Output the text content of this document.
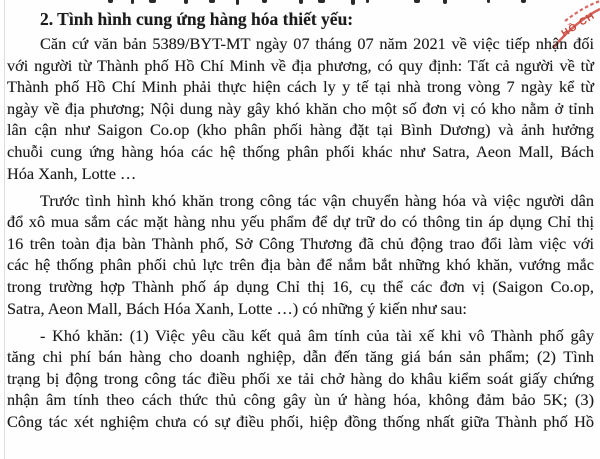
HỒ CH
2. Tình hình cung ứng hàng hóa thiết yếu:
Căn cứ văn bản 5389/BYT-MT ngày 07 tháng 07 năm 2021 về việc tiếp nhận đối
với người từ Thành phố Hồ Chí Minh về địa phương, có quy định: Tất cả người về từ
Thành phố Hồ Chí Minh phải thực hiện cách ly y tế tại nhà trong vòng 7 ngày kể từ
ngày về địa phương; Nội dung này gây khó khăn cho một số đơn vị có kho nằm ở tỉnh
lân cận như Saigon Co.op (kho phân phối hàng đặt tại Bình Dương) và ảnh hưởng
chuỗi cung ứng hàng hóa các hệ thống phân phối khác như Satra, Aeon Mall, Bách
Hóa Xanh, Lotte …
Trước tình hình khó khăn trong công tác vận chuyển hàng hóa và việc người dân
đổ xô mua sắm các mặt hàng nhu yếu phẩm để dự trữ do có thông tin áp dụng Chỉ thị
16 trên toàn địa bàn Thành phố, Sở Công Thương đã chủ động trao đổi làm việc với
các hệ thống phân phối chủ lực trên địa bàn để nắm bắt những khó khăn, vướng mắc
trong trường hợp Thành phố áp dụng Chỉ thị 16, cụ thể các đơn vị (Saigon Co.op,
Satra, Aeon Mall, Bách Hóa Xanh, Lotte …) có những ý kiến như sau:
- Khó khăn: (1) Việc yêu cầu kết quả âm tính của tài xế khi vô Thành phố gây
tăng chi phí bán hàng cho doanh nghiệp, dẫn đến tăng giá bán sản phẩm; (2) Tình
trạng bị động trong công tác điều phối xe tải chở hàng do khâu kiểm soát giấy chứng
nhận âm tính theo cách thức thủ công gây ùn ứ hàng hóa, không đảm bảo 5K; (3)
Công tác xét nghiệm chưa có sự điều phối, hiệp đồng thống nhất giữa Thành phố Hồ
